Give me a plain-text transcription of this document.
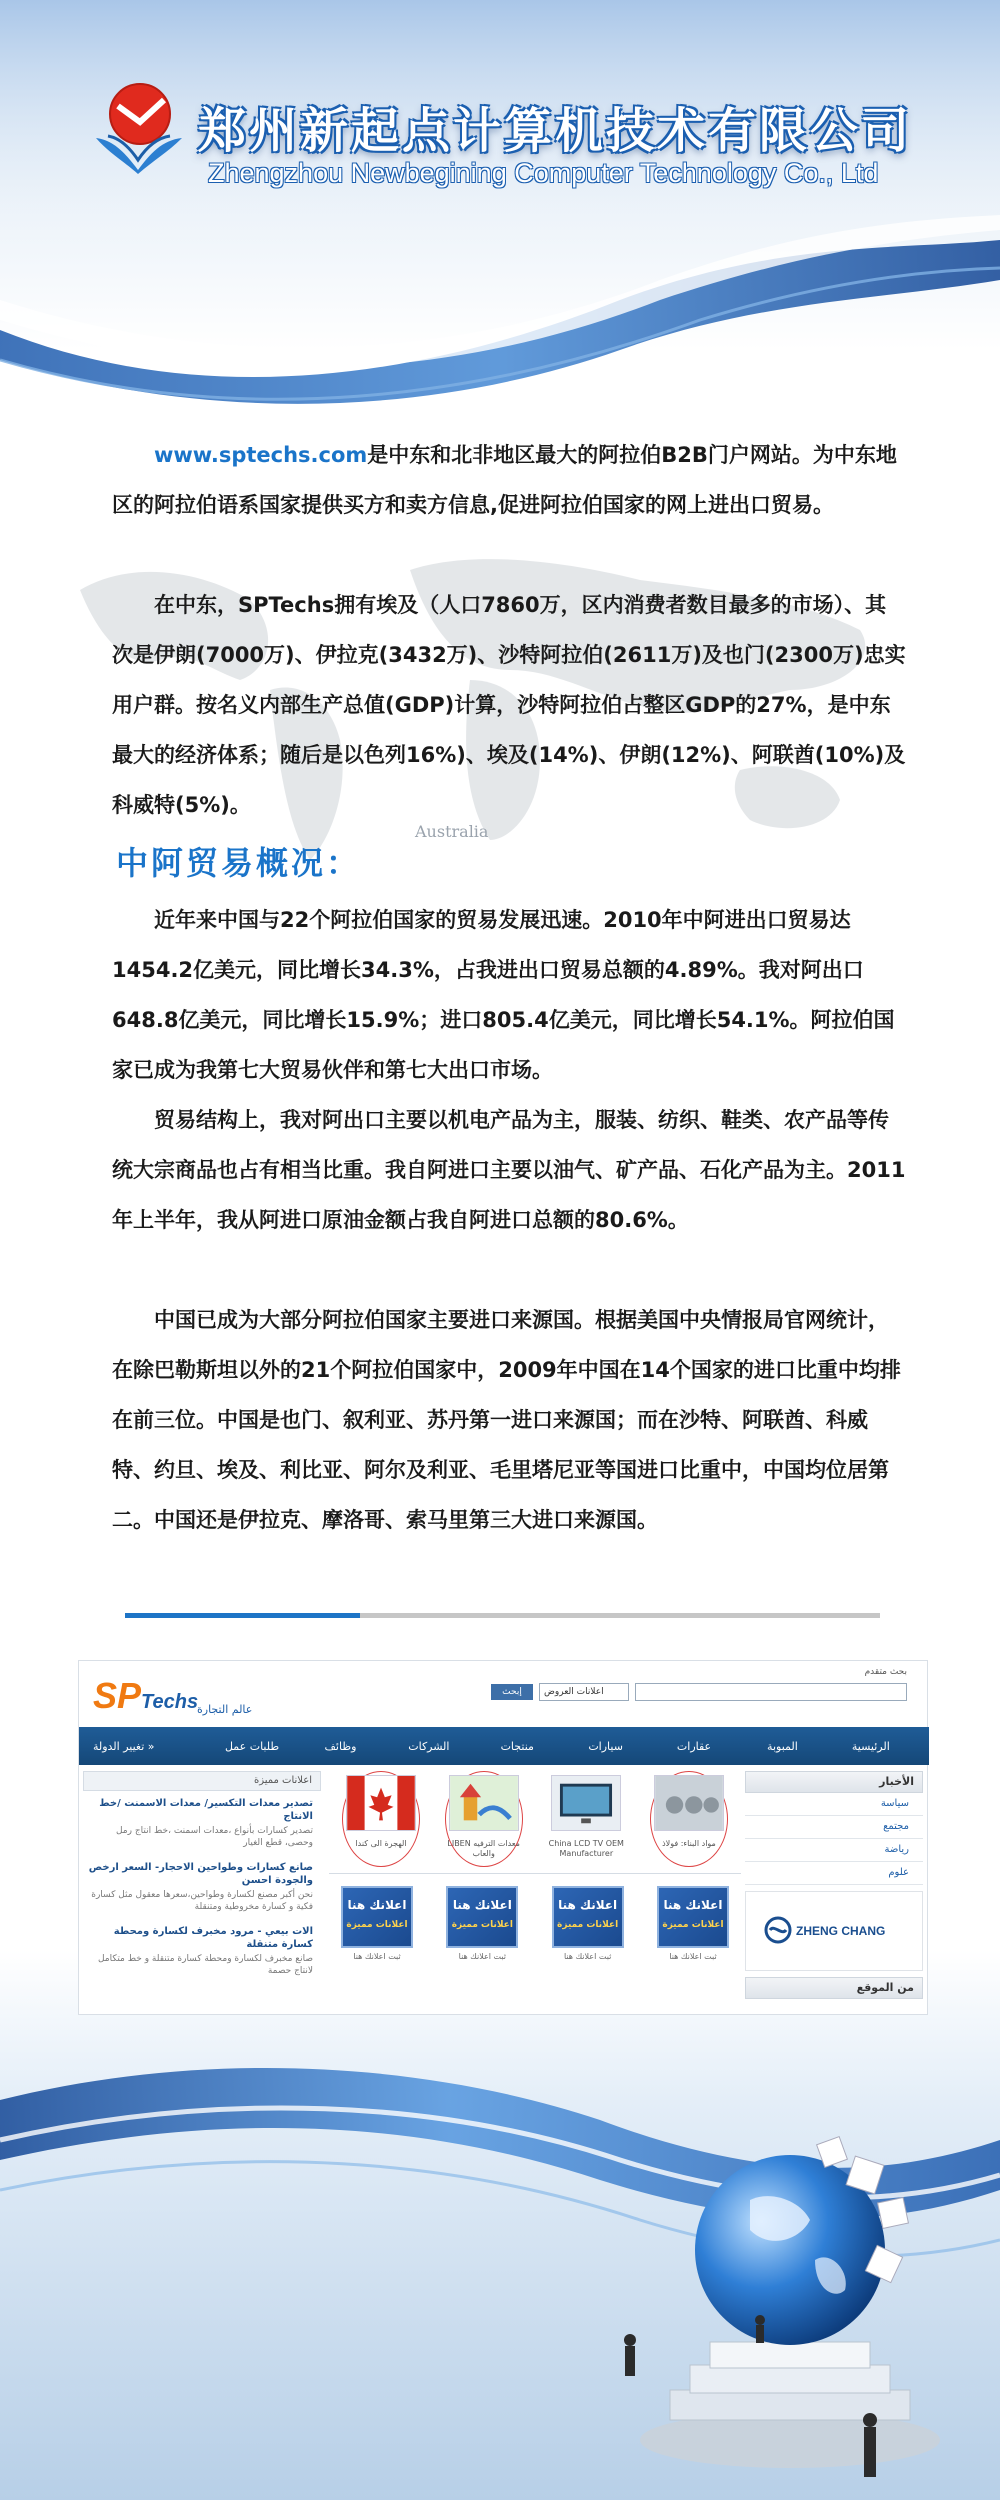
郑州新起点计算机技术有限公司
Zhengzhou Newbegining Computer Technology Co., Ltd
Australia
www.sptechs.com是中东和北非地区最大的阿拉伯B2B门户网站。为中东地区的阿拉伯语系国家提供买方和卖方信息,促进阿拉伯国家的网上进出口贸易。
在中东，SPTechs拥有埃及（人口7860万，区内消费者数目最多的市场）、其次是伊朗(7000万)、伊拉克(3432万)、沙特阿拉伯(2611万)及也门(2300万)忠实用户群。按名义内部生产总值(GDP)计算，沙特阿拉伯占整区GDP的27%，是中东最大的经济体系；随后是以色列16%)、埃及(14%)、伊朗(12%)、阿联酋(10%)及科威特(5%)。
中阿贸易概况：
近年来中国与22个阿拉伯国家的贸易发展迅速。2010年中阿进出口贸易达1454.2亿美元，同比增长34.3%，占我进出口贸易总额的4.89%。我对阿出口648.8亿美元，同比增长15.9%；进口805.4亿美元，同比增长54.1%。阿拉伯国家已成为我第七大贸易伙伴和第七大出口市场。
贸易结构上，我对阿出口主要以机电产品为主，服装、纺织、鞋类、农产品等传统大宗商品也占有相当比重。我自阿进口主要以油气、矿产品、石化产品为主。2011年上半年，我从阿进口原油金额占我自阿进口总额的80.6%。
中国已成为大部分阿拉伯国家主要进口来源国。根据美国中央情报局官网统计，在除巴勒斯坦以外的21个阿拉伯国家中，2009年中国在14个国家的进口比重中均排在前三位。中国是也门、叙利亚、苏丹第一进口来源国；而在沙特、阿联酋、科威特、约旦、埃及、利比亚、阿尔及利亚、毛里塔尼亚等国进口比重中，中国均位居第二。中国还是伊拉克、摩洛哥、索马里第三大进口来源国。
SPTechs
عالم التجارة
بحث متقدم
اعلانات العروض
إبحث
الرئيسية
المبوبة
عقارات
سيارات
منتجات
الشركات
وظائف
طلبات عمل
تغيير الدولة »
الأخبار
سياسة
مجتمع
رياضة
علوم
ZHENG CHANG
من الموقع
اعلانات مميزة
تصدير معدات التكسير/ معدات الاسمنت /خط الانتاج
تصدير كسارات بأنواع ،معدات اسمنت ،خط انتاج رمل وحصى، قطع الغيار
صانع كسارات وطواحين الاحجار- السعر ارخص والجودة احسن
نحن أكبر مصنع لكسارة وطواحين،سعرها معقول مثل كسارة فكية و كسارة مخروطية ومتنقلة
الات بيعي - مرود مخبرف لكسارة ومحطة كسارة متنقلة
صانع مخبرف لكسارة ومحطة كسارة متنقلة و خط متكامل لانتاج حصمة
مواد البناء: فولاذ
China LCD TV OEM Manufacturer
LIBEN معدات الترفيه والعاب
الهجرة الى كندا
اعلانك هنا
اعلانات مميزة
ثبت اعلانك هنا
اعلانك هنا
اعلانات مميزة
ثبت اعلانك هنا
اعلانك هنا
اعلانات مميزة
ثبت اعلانك هنا
اعلانك هنا
اعلانات مميزة
ثبت اعلانك هنا
